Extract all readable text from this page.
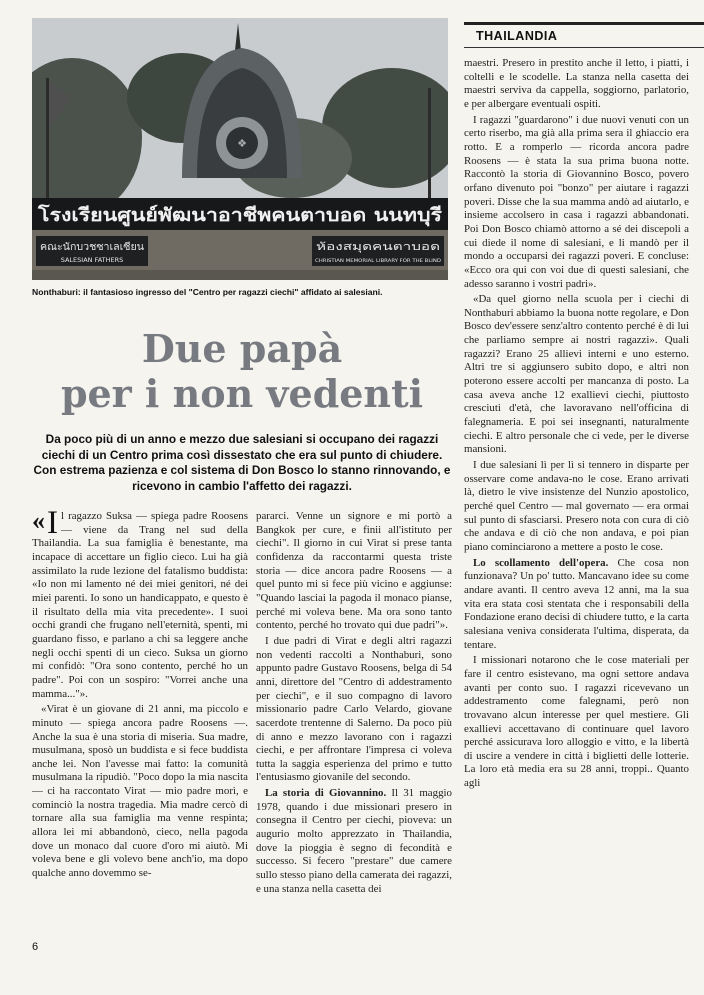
THAILANDIA
❖
โรงเรียนศูนย์พัฒนาอาชีพคนตาบอด นนทบุรี
คณะนักบวชซาเลเซียน
SALESIAN FATHERS
ห้องสมุดคนตาบอด
CHRISTIAN MEMORIAL LIBRARY FOR THE BLIND
Nonthaburi: il fantasioso ingresso del "Centro per ragazzi ciechi" affidato ai salesiani.
Due papà
per i non vedenti
Da poco più di un anno e mezzo due salesiani si occupano dei ragazzi ciechi di un Centro prima così dissestato che era sul punto di chiudere. Con estrema pazienza e col sistema di Don Bosco lo stanno rinnovando, e ricevono in cambio l'affetto dei ragazzi.

« I l ragazzo Suksa — spiega padre Roosens — viene da Trang nel sud della Thailandia. La sua famiglia è benestante, ma incapace di accettare un figlio cieco. Lui ha già assimilato la rude lezione del fatalismo buddista: «Io non mi lamento né dei miei genitori, né dei miei parenti. Io sono un handicappato, e questo è il risultato della mia vita precedente». I suoi occhi grandi che frugano nell'eternità, spenti, mi guardano fisso, e parlano a chi sa leggere anche negli occhi spenti di un cieco. Suksa un giorno mi confidò: "Ora sono contento, perché ho un padre". Poi con un sospiro: "Vorrei anche una mamma..."».

«Virat è un giovane di 21 anni, ma piccolo e minuto — spiega ancora padre Roosens —. Anche la sua è una storia di miseria. Sua madre, musulmana, sposò un buddista e si fece buddista anche lei. Non l'avesse mai fatto: la comunità musulmana la ripudiò. "Poco dopo la mia nascita — ci ha raccontato Virat — mio padre morì, e cominciò la nostra tragedia. Mia madre cercò di tornare alla sua famiglia ma venne respinta; allora lei mi abbandonò, cieco, nella pagoda dove un monaco dal cuore d'oro mi aiutò. Mi voleva bene e gli volevo bene anch'io, ma dopo qualche anno dovemmo se-

pararci. Venne un signore e mi portò a Bangkok per cure, e finii all'istituto per ciechi". Il giorno in cui Virat si prese tanta confidenza da raccontarmi questa triste storia — dice ancora padre Roosens — a quel punto mi si fece più vicino e aggiunse: "Quando lasciai la pagoda il monaco pianse, perché mi voleva bene. Ma ora sono tanto contento, perché ho trovato qui due padri"».

I due padri di Virat e degli altri ragazzi non vedenti raccolti a Nonthaburi, sono appunto padre Gustavo Roosens, belga di 54 anni, direttore del "Centro di addestramento per ciechi", e il suo compagno di lavoro missionario padre Carlo Velardo, giovane sacerdote trentenne di Salerno. Da poco più di anno e mezzo lavorano con i ragazzi ciechi, e per affrontare l'impresa ci voleva tutta la saggia esperienza del primo e tutto l'entusiasmo giovanile del secondo.

La storia di Giovannino. Il 31 maggio 1978, quando i due missionari presero in consegna il Centro per ciechi, pioveva: un augurio molto apprezzato in Thailandia, dove la pioggia è segno di fecondità e successo. Si fecero "prestare" due camere sullo stesso piano della camerata dei ragazzi, e una stanza nella casetta dei

maestri. Presero in prestito anche il letto, i piatti, i coltelli e le scodelle. La stanza nella casetta dei maestri serviva da cappella, soggiorno, parlatorio, e per albergare eventuali ospiti.

I ragazzi "guardarono" i due nuovi venuti con un certo riserbo, ma già alla prima sera il ghiaccio era rotto. E a romperlo — ricorda ancora padre Roosens — è stata la sua prima buona notte. Raccontò la storia di Giovannino Bosco, povero orfano divenuto poi "bonzo" per aiutare i ragazzi poveri. Disse che la sua mamma andò ad aiutarlo, e insieme accolsero in casa i ragazzi abbandonati. Poi Don Bosco chiamò attorno a sé dei discepoli a cui diede il nome di salesiani, e li mandò per il mondo a occuparsi dei ragazzi poveri. E concluse: «Ecco ora qui con voi due di questi salesiani, che adesso saranno i vostri padri».

«Da quel giorno nella scuola per i ciechi di Nonthaburi abbiamo la buona notte regolare, e Don Bosco dev'essere senz'altro contento perché è di lui che parliamo sempre ai nostri ragazzi». Quali ragazzi? Erano 25 allievi interni e uno esterno. Altri tre si aggiunsero subito dopo, e altri non poterono essere accolti per mancanza di posto. La casa aveva anche 12 exallievi ciechi, piuttosto cresciuti d'età, che lavoravano nell'officina di falegnameria. E poi sei insegnanti, naturalmente ciechi. E altro personale che ci vede, per le diverse mansioni.

I due salesiani lì per lì si tennero in disparte per osservare come andava-no le cose. Erano arrivati là, dietro le vive insistenze del Nunzio apostolico, perché quel Centro — mal governato — era ormai sul punto di sfasciarsi. Presero nota con cura di ciò che andava e di ciò che non andava, e poi pian piano cominciarono a mettere a posto le cose.

Lo scollamento dell'opera. Che cosa non funzionava? Un po' tutto. Mancavano idee su come andare avanti. Il centro aveva 12 anni, ma la sua vita era stata così stentata che i responsabili della Fondazione erano decisi di chiudere tutto, e la carta salesiana veniva considerata l'ultima, disperata, da tentare.

I missionari notarono che le cose materiali per fare il centro esistevano, ma ogni settore andava avanti per conto suo. I ragazzi ricevevano un addestramento come falegnami, però non trovavano alcun interesse per quel mestiere. Gli exallievi accettavano di continuare quel lavoro perché assicurava loro alloggio e vitto, e la libertà di uscire a vendere in città i biglietti delle lotterie. La loro età media era su 28 anni, troppi.. Quanto agli

6
